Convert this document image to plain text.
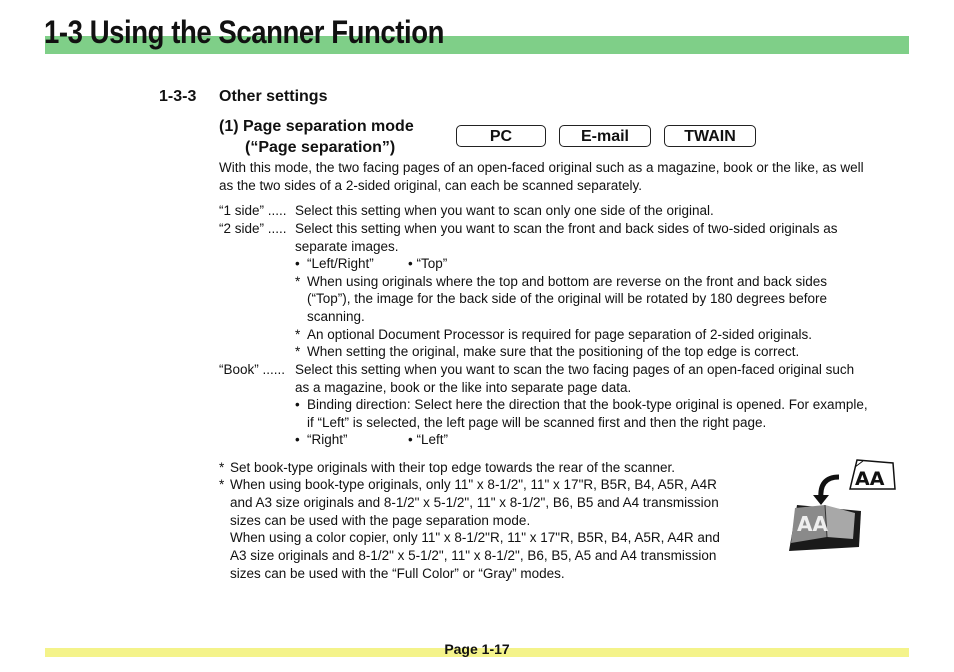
1-3 Using the Scanner Function
1-3-3 Other settings
(1) Page separation mode
(“Page separation”)
PC	E-mail	TWAIN
With this mode, the two facing pages of an open-faced original such as a magazine, book or the like, as well
as the two sides of a 2-sided original, can each be scanned separately.
“1 side” ..... Select this setting when you want to scan only one side of the original.
“2 side” ..... Select this setting when you want to scan the front and back sides of two-sided originals as
separate images.
• “Left/Right”	• “Top”
* When using originals where the top and bottom are reverse on the front and back sides
(“Top”), the image for the back side of the original will be rotated by 180 degrees before
scanning.
* An optional Document Processor is required for page separation of 2-sided originals.
* When setting the original, make sure that the positioning of the top edge is correct.
“Book” ...... Select this setting when you want to scan the two facing pages of an open-faced original such
as a magazine, book or the like into separate page data.
• Binding direction: Select here the direction that the book-type original is opened. For example,
if “Left” is selected, the left page will be scanned first and then the right page.
• “Right”	• “Left”
* Set book-type originals with their top edge towards the rear of the scanner.
* When using book-type originals, only 11" x 8-1/2", 11" x 17"R, B5R, B4, A5R, A4R
and A3 size originals and 8-1/2" x 5-1/2", 11" x 8-1/2", B6, B5 and A4 transmission
sizes can be used with the page separation mode.
When using a color copier, only 11" x 8-1/2"R, 11" x 17"R, B5R, B4, A5R, A4R and
A3 size originals and 8-1/2" x 5-1/2", 11" x 8-1/2", B6, B5, A5 and A4 transmission
sizes can be used with the “Full Color” or “Gray” modes.
AA
AA
Page 1-17
